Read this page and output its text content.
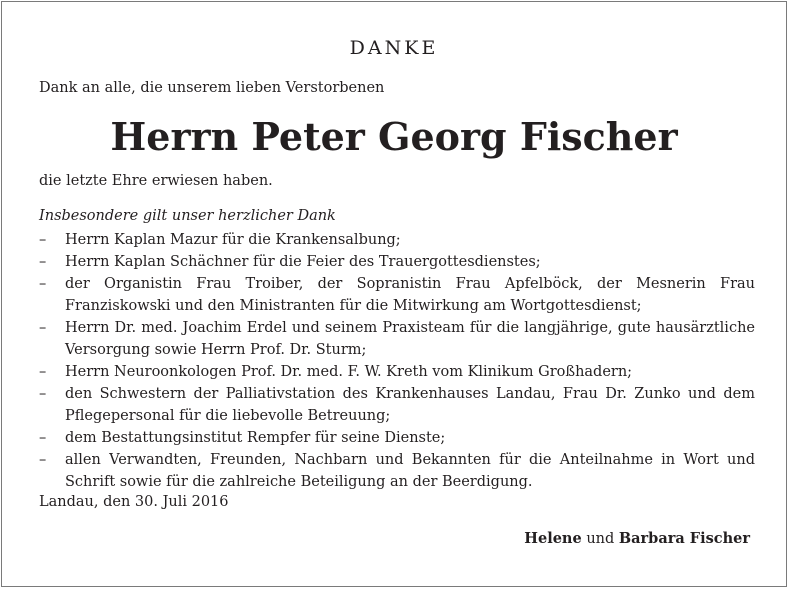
DANKE
Dank an alle, die unserem lieben Verstorbenen
Herrn Peter Georg Fischer
die letzte Ehre erwiesen haben.
Insbesondere gilt unser herzlicher Dank
– Herrn Kaplan Mazur für die Krankensalbung;
– Herrn Kaplan Schächner für die Feier des Trauergottesdienstes;
– der Organistin Frau Troiber, der Sopranistin Frau Apfelböck, der Mesnerin Frau Franziskowski und den Ministranten für die Mitwirkung am Wortgottesdienst;
– Herrn Dr. med. Joachim Erdel und seinem Praxisteam für die langjährige, gute hausärztliche Versorgung sowie Herrn Prof. Dr. Sturm;
– Herrn Neuroonkologen Prof. Dr. med. F. W. Kreth vom Klinikum Großhadern;
– den Schwestern der Palliativstation des Krankenhauses Landau, Frau Dr. Zunko und dem Pflegepersonal für die liebevolle Betreuung;
– dem Bestattungsinstitut Rempfer für seine Dienste;
– allen Verwandten, Freunden, Nachbarn und Bekannten für die Anteilnahme in Wort und Schrift sowie für die zahlreiche Beteiligung an der Beerdigung.
Landau, den 30. Juli 2016
Helene und Barbara Fischer
